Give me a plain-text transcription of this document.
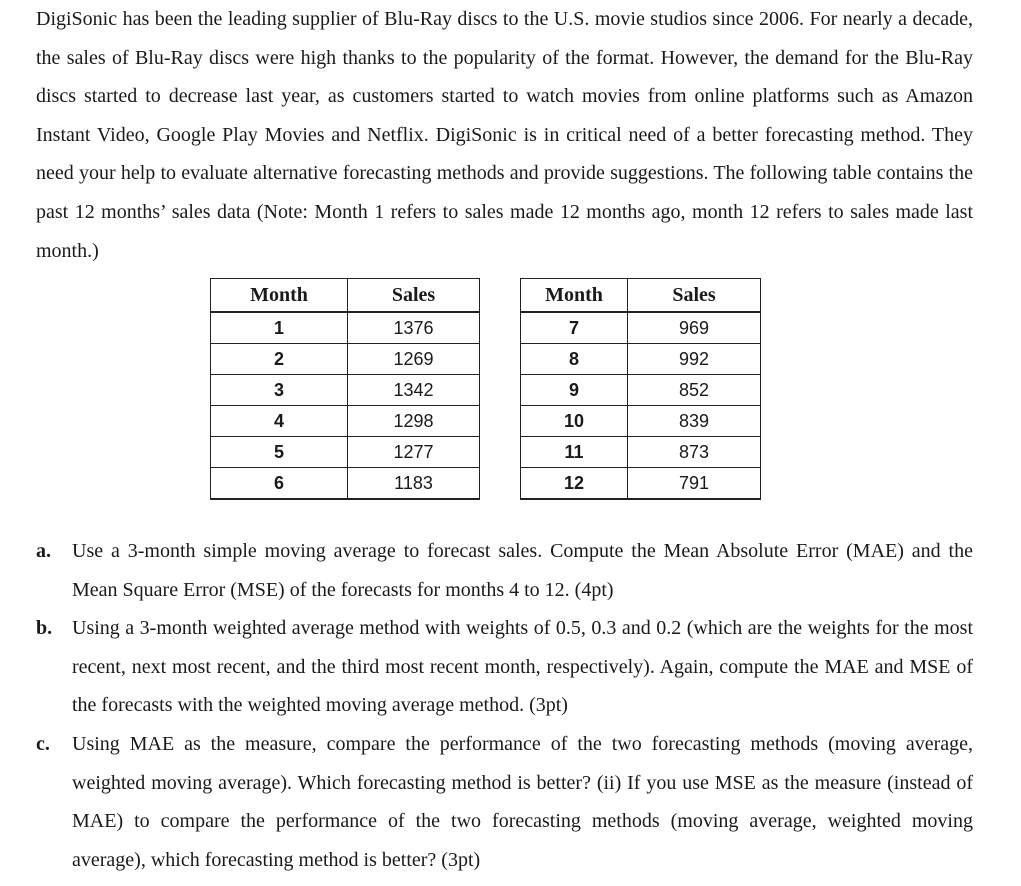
DigiSonic has been the leading supplier of Blu-Ray discs to the U.S. movie studios since 2006. For nearly a decade, the sales of Blu-Ray discs were high thanks to the popularity of the format. However, the demand for the Blu-Ray discs started to decrease last year, as customers started to watch movies from online platforms such as Amazon Instant Video, Google Play Movies and Netflix. DigiSonic is in critical need of a better forecasting method. They need your help to evaluate alternative forecasting methods and provide suggestions. The following table contains the past 12 months’ sales data (Note: Month 1 refers to sales made 12 months ago, month 12 refers to sales made last month.)

Month	Sales
1	1376
2	1269
3	1342
4	1298
5	1277
6	1183
Month	Sales
7	969
8	992
9	852
10	839
11	873
12	791
a. Use a 3-month simple moving average to forecast sales. Compute the Mean Absolute Error (MAE) and the Mean Square Error (MSE) of the forecasts for months 4 to 12. (4pt)
b. Using a 3-month weighted average method with weights of 0.5, 0.3 and 0.2 (which are the weights for the most recent, next most recent, and the third most recent month, respectively). Again, compute the MAE and MSE of the forecasts with the weighted moving average method. (3pt)
c. Using MAE as the measure, compare the performance of the two forecasting methods (moving average, weighted moving average). Which forecasting method is better? (ii) If you use MSE as the measure (instead of MAE) to compare the performance of the two forecasting methods (moving average, weighted moving average), which forecasting method is better? (3pt)
